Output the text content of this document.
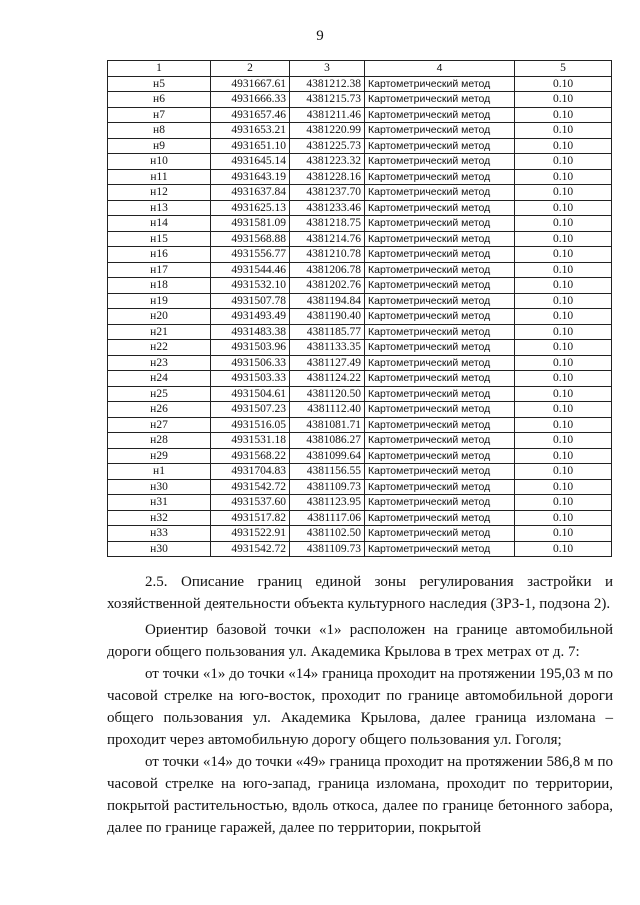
9
1	2	3	4	5
н5	4931667.61	4381212.38	Картометрический метод	0.10
н6	4931666.33	4381215.73	Картометрический метод	0.10
н7	4931657.46	4381211.46	Картометрический метод	0.10
н8	4931653.21	4381220.99	Картометрический метод	0.10
н9	4931651.10	4381225.73	Картометрический метод	0.10
н10	4931645.14	4381223.32	Картометрический метод	0.10
н11	4931643.19	4381228.16	Картометрический метод	0.10
н12	4931637.84	4381237.70	Картометрический метод	0.10
н13	4931625.13	4381233.46	Картометрический метод	0.10
н14	4931581.09	4381218.75	Картометрический метод	0.10
н15	4931568.88	4381214.76	Картометрический метод	0.10
н16	4931556.77	4381210.78	Картометрический метод	0.10
н17	4931544.46	4381206.78	Картометрический метод	0.10
н18	4931532.10	4381202.76	Картометрический метод	0.10
н19	4931507.78	4381194.84	Картометрический метод	0.10
н20	4931493.49	4381190.40	Картометрический метод	0.10
н21	4931483.38	4381185.77	Картометрический метод	0.10
н22	4931503.96	4381133.35	Картометрический метод	0.10
н23	4931506.33	4381127.49	Картометрический метод	0.10
н24	4931503.33	4381124.22	Картометрический метод	0.10
н25	4931504.61	4381120.50	Картометрический метод	0.10
н26	4931507.23	4381112.40	Картометрический метод	0.10
н27	4931516.05	4381081.71	Картометрический метод	0.10
н28	4931531.18	4381086.27	Картометрический метод	0.10
н29	4931568.22	4381099.64	Картометрический метод	0.10
н1	4931704.83	4381156.55	Картометрический метод	0.10
н30	4931542.72	4381109.73	Картометрический метод	0.10
н31	4931537.60	4381123.95	Картометрический метод	0.10
н32	4931517.82	4381117.06	Картометрический метод	0.10
н33	4931522.91	4381102.50	Картометрический метод	0.10
н30	4931542.72	4381109.73	Картометрический метод	0.10

2.5. Описание границ единой зоны регулирования застройки и хозяйственной деятельности объекта культурного наследия (ЗРЗ-1, подзона 2).

Ориентир базовой точки «1» расположен на границе автомобильной дороги общего пользования ул. Академика Крылова в трех метрах от д. 7:

от точки «1» до точки «14» граница проходит на протяжении 195,03 м по часовой стрелке на юго-восток, проходит по границе автомобильной дороги общего пользования ул. Академика Крылова, далее граница изломана – проходит через автомобильную дорогу общего пользования ул. Гоголя;

от точки «14» до точки «49» граница проходит на протяжении 586,8 м по часовой стрелке на юго-запад, граница изломана, проходит по территории, покрытой растительностью, вдоль откоса, далее по границе бетонного забора, далее по границе гаражей, далее по территории, покрытой
